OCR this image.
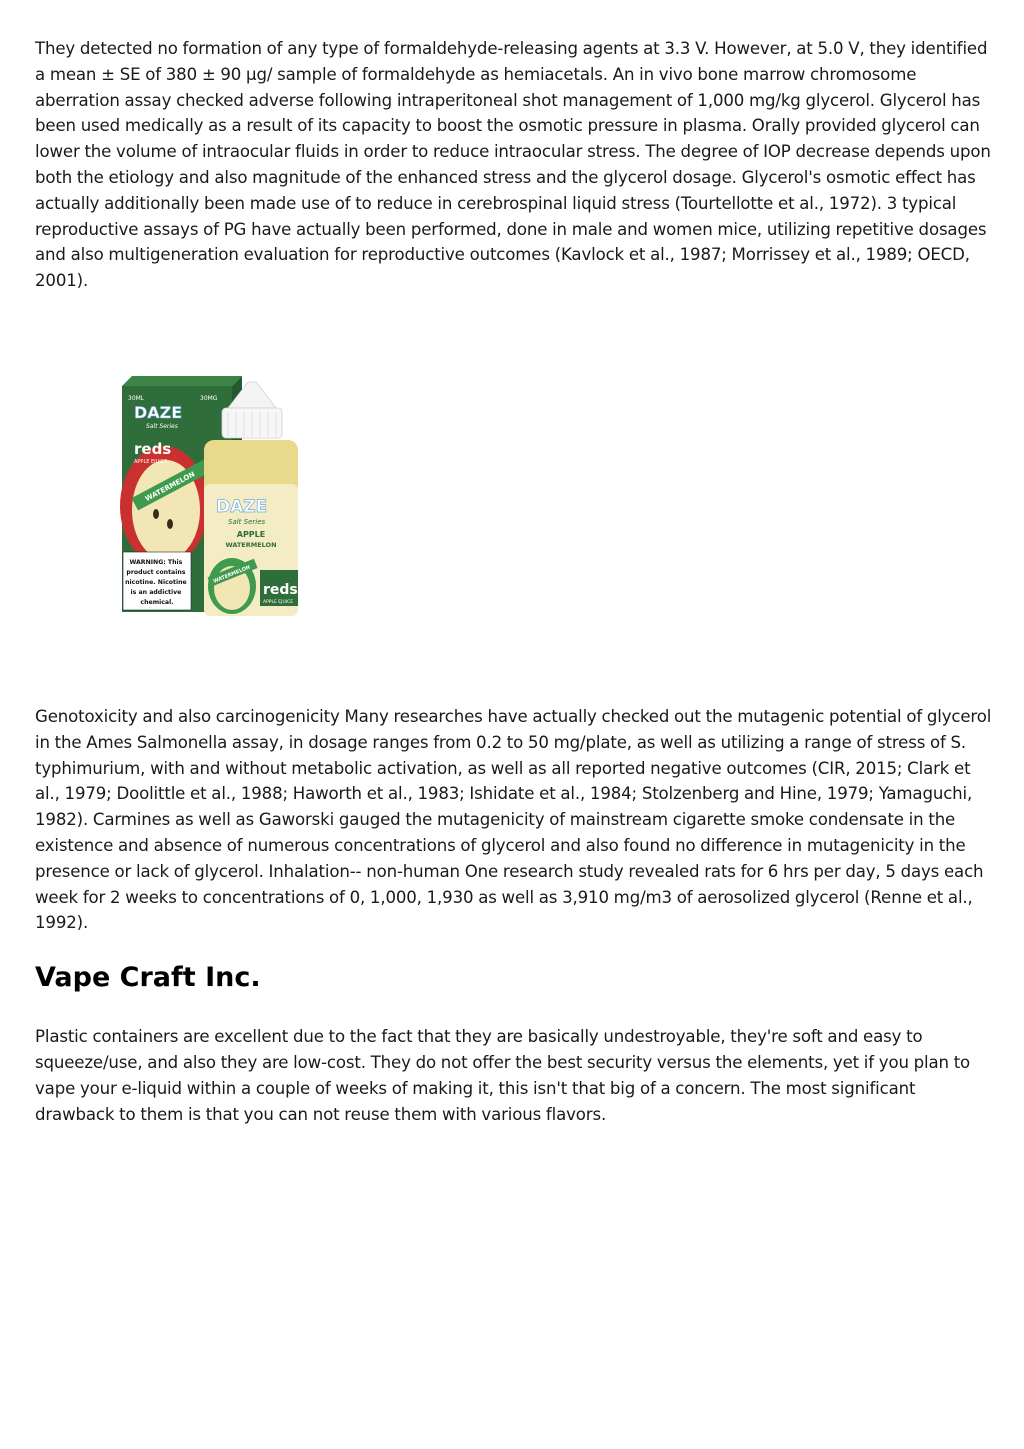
They detected no formation of any type of formaldehyde-releasing agents at 3.3 V. However, at 5.0 V, they identified a mean ± SE of 380 ± 90 μg/ sample of formaldehyde as hemiacetals. An in vivo bone marrow chromosome aberration assay checked adverse following intraperitoneal shot management of 1,000 mg/kg glycerol. Glycerol has been used medically as a result of its capacity to boost the osmotic pressure in plasma. Orally provided glycerol can lower the volume of intraocular fluids in order to reduce intraocular stress. The degree of IOP decrease depends upon both the etiology and also magnitude of the enhanced stress and the glycerol dosage. Glycerol's osmotic effect has actually additionally been made use of to reduce in cerebrospinal liquid stress (Tourtellotte et al., 1972). 3 typical reproductive assays of PG have actually been performed, done in male and women mice, utilizing repetitive dosages and also multigeneration evaluation for reproductive outcomes (Kavlock et al., 1987; Morrissey et al., 1989; OECD, 2001).

30ML	30MG
DAZE
Salt Series
reds
APPLE EJUICE
WATERMELON
WARNING: This product contains nicotine. Nicotine is an addictive chemical.
DAZE
Salt Series
APPLE
WATERMELON
WATERMELON
reds
APPLE EJUICE

Genotoxicity and also carcinogenicity Many researches have actually checked out the mutagenic potential of glycerol in the Ames Salmonella assay, in dosage ranges from 0.2 to 50 mg/plate, as well as utilizing a range of stress of S. typhimurium, with and without metabolic activation, as well as all reported negative outcomes (CIR, 2015; Clark et al., 1979; Doolittle et al., 1988; Haworth et al., 1983; Ishidate et al., 1984; Stolzenberg and Hine, 1979; Yamaguchi, 1982). Carmines as well as Gaworski gauged the mutagenicity of mainstream cigarette smoke condensate in the existence and absence of numerous concentrations of glycerol and also found no difference in mutagenicity in the presence or lack of glycerol. Inhalation-- non-human One research study revealed rats for 6 hrs per day, 5 days each week for 2 weeks to concentrations of 0, 1,000, 1,930 as well as 3,910 mg/m3 of aerosolized glycerol (Renne et al., 1992).

Vape Craft Inc.

Plastic containers are excellent due to the fact that they are basically undestroyable, they're soft and easy to squeeze/use, and also they are low-cost. They do not offer the best security versus the elements, yet if you plan to vape your e-liquid within a couple of weeks of making it, this isn't that big of a concern. The most significant drawback to them is that you can not reuse them with various flavors.
